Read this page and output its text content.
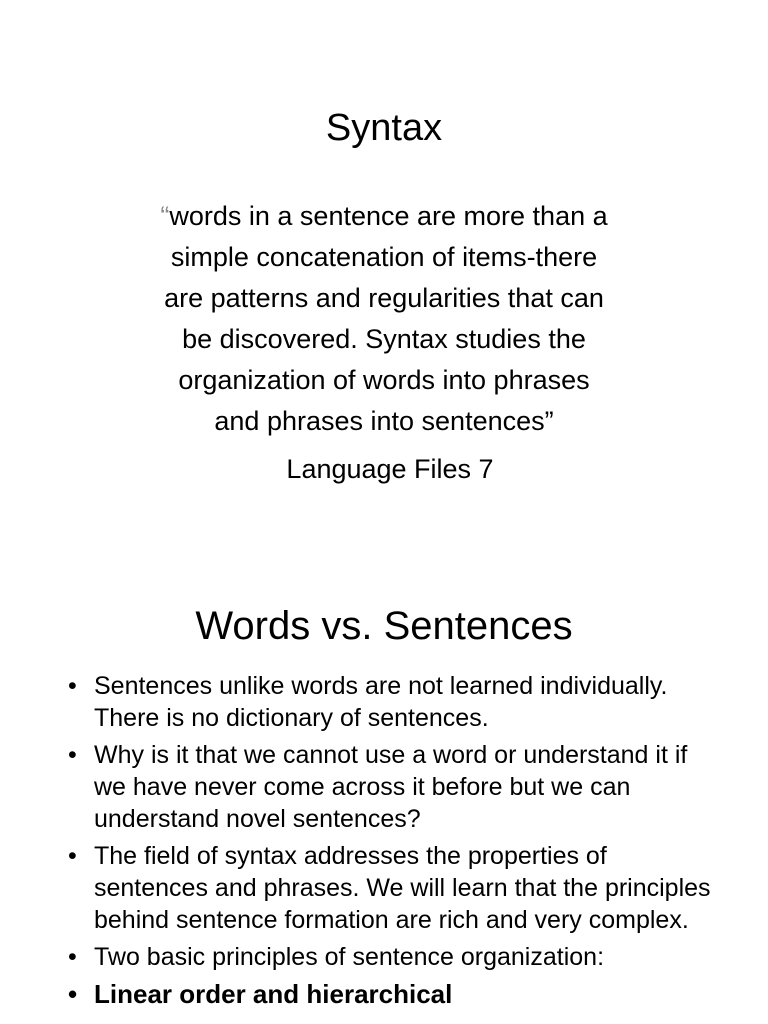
Syntax

“words in a sentence are more than a
simple concatenation of items-there
are patterns and regularities that can
be discovered. Syntax studies the
organization of words into phrases
and phrases into sentences”

Language Files 7

Words vs. Sentences
• Sentences unlike words are not learned individually. There is no dictionary of sentences.
• Why is it that we cannot use a word or understand it if we have never come across it before but we can understand novel sentences?
• The field of syntax addresses the properties of sentences and phrases. We will learn that the principles behind sentence formation are rich and very complex.
• Two basic principles of sentence organization:
• Linear order and hierarchical
